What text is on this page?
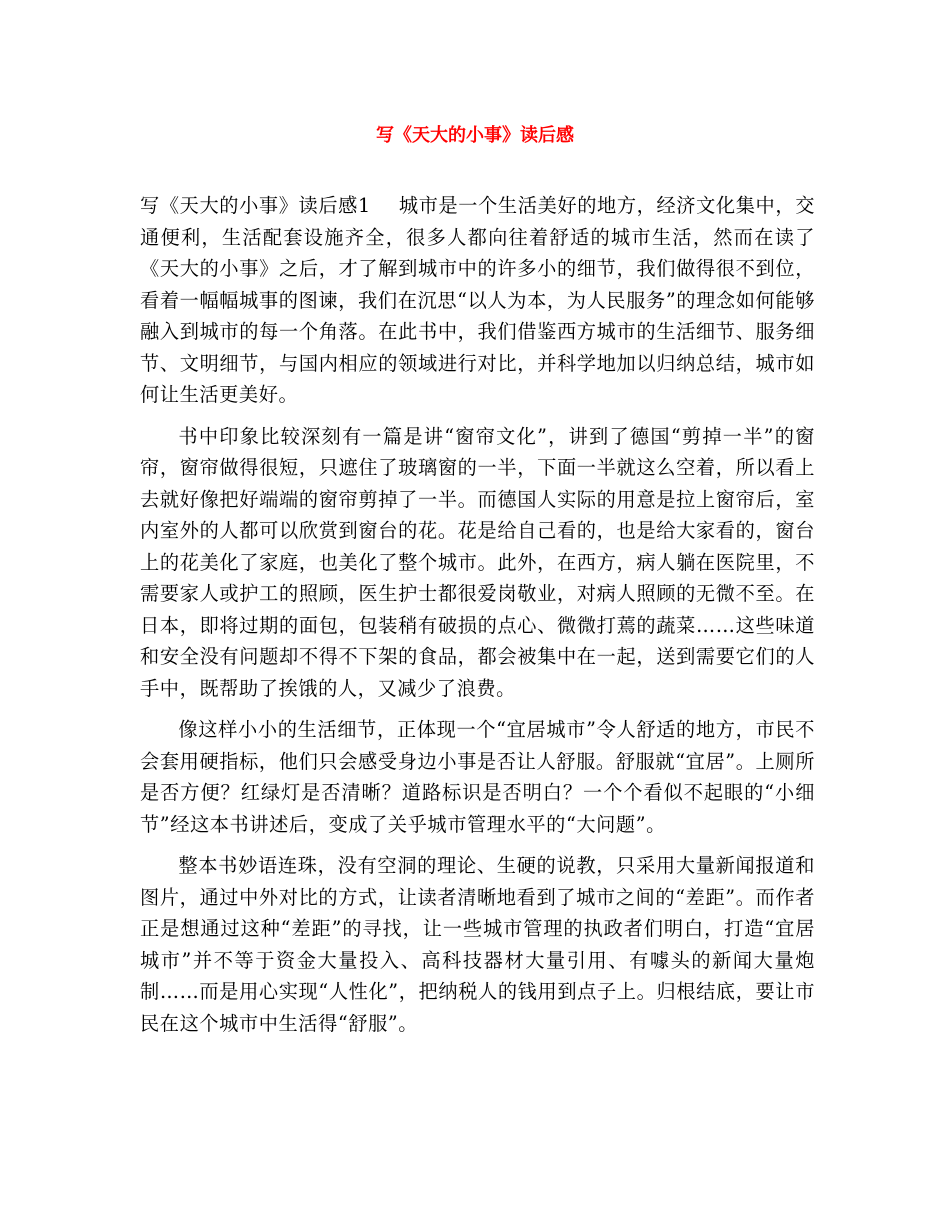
写《天大的小事》读后感

写《天大的小事》读后感1 城市是一个生活美好的地方，经济文化集中，交通便利，生活配套设施齐全，很多人都向往着舒适的城市生活，然而在读了《天大的小事》之后，才了解到城市中的许多小的细节，我们做得很不到位，看着一幅幅城事的图谏，我们在沉思“以人为本，为人民服务”的理念如何能够融入到城市的每一个角落。在此书中，我们借鉴西方城市的生活细节、服务细节、文明细节，与国内相应的领域进行对比，并科学地加以归纳总结，城市如何让生活更美好。

书中印象比较深刻有一篇是讲“窗帘文化”，讲到了德国“剪掉一半”的窗帘，窗帘做得很短，只遮住了玻璃窗的一半，下面一半就这么空着，所以看上去就好像把好端端的窗帘剪掉了一半。而德国人实际的用意是拉上窗帘后，室内室外的人都可以欣赏到窗台的花。花是给自己看的，也是给大家看的，窗台上的花美化了家庭，也美化了整个城市。此外，在西方，病人躺在医院里，不需要家人或护工的照顾，医生护士都很爱岗敬业，对病人照顾的无微不至。在日本，即将过期的面包，包装稍有破损的点心、微微打蔫的蔬菜……这些味道和安全没有问题却不得不下架的食品，都会被集中在一起，送到需要它们的人手中，既帮助了挨饿的人，又减少了浪费。

像这样小小的生活细节，正体现一个“宜居城市”令人舒适的地方，市民不会套用硬指标，他们只会感受身边小事是否让人舒服。舒服就“宜居”。上厕所是否方便？红绿灯是否清晰？道路标识是否明白？一个个看似不起眼的“小细节”经这本书讲述后，变成了关乎城市管理水平的“大问题”。

整本书妙语连珠，没有空洞的理论、生硬的说教，只采用大量新闻报道和图片，通过中外对比的方式，让读者清晰地看到了城市之间的“差距”。而作者正是想通过这种“差距”的寻找，让一些城市管理的执政者们明白，打造“宜居城市”并不等于资金大量投入、高科技器材大量引用、有噱头的新闻大量炮制……而是用心实现“人性化”，把纳税人的钱用到点子上。归根结底，要让市民在这个城市中生活得“舒服”。
